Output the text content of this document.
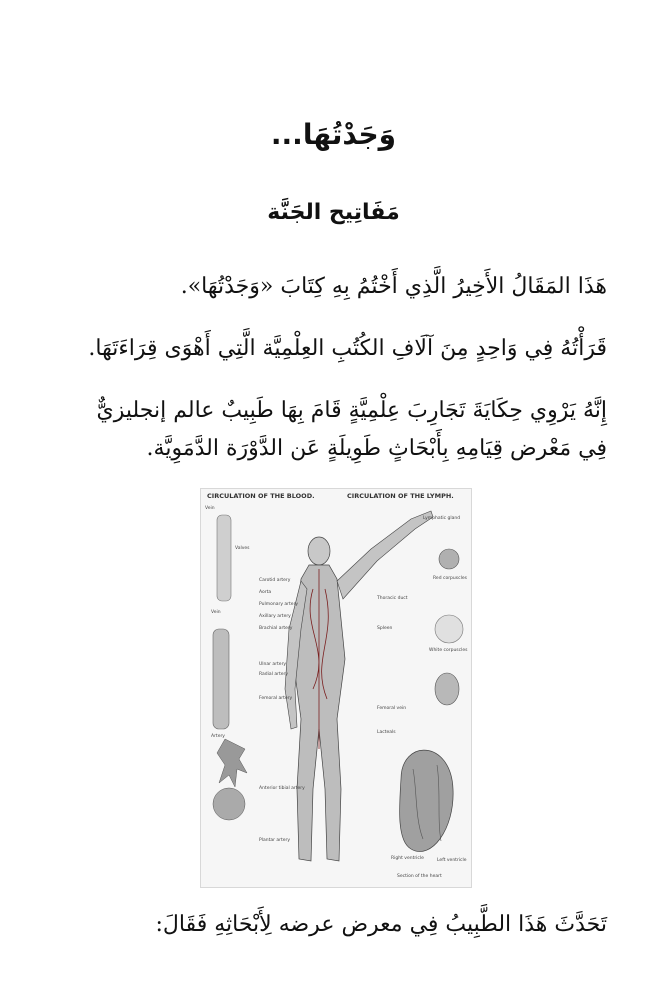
وَجَدْتُهَا...
مَفَاتِيح الجَنَّة
هَذَا المَقَالُ الأَخِيرُ الَّذِي أَخْتُمُ بِهِ كِتَابَ «وَجَدْتُهَا».
قَرَأْتُهُ فِي وَاحِدٍ مِنَ آلَافِ الكُتُبِ العِلْمِيَّة الَّتِي أَهْوَى قِرَاءَتَهَا.
إِنَّهُ يَرْوِي حِكَايَةَ تَجَارِبَ عِلْمِيَّةٍ قَامَ بِهَا طَبِيبٌ عالم إنجليزيٌّ
فِي مَعْرض قِيَامِهِ بِأَبْحَاثٍ طَوِيلَةٍ عَن الدَّوْرَة الدَّمَوِيَّة.
Vein
Valves
Vein
Artery
Carotid artery
Aorta
Pulmonary artery
Axillary artery
Brachial artery
Ulnar artery
Radial artery
Femoral artery
Anterior tibial artery
Plantar artery
Lymphatic gland
Red corpuscles
White corpuscles
Thoracic duct
Spleen
Femoral vein
Lacteals
Right ventricle	Left ventricle
Section of the heart
CIRCULATION OF THE BLOOD.	CIRCULATION OF THE LYMPH.
تَحَدَّثَ هَذَا الطَّبِيبُ فِي معرض عرضه لِأَبْحَاثِهِ فَقَالَ:
